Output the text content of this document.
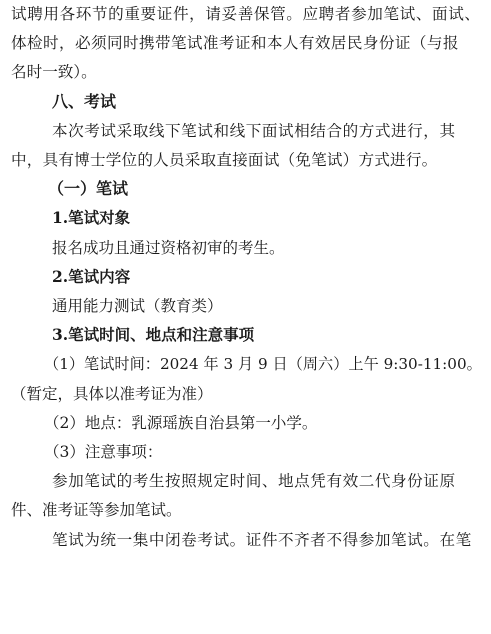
试聘用各环节的重要证件，请妥善保管。应聘者参加笔试、面试、
体检时，必须同时携带笔试准考证和本人有效居民身份证（与报
名时一致）。
八、考试
本次考试采取线下笔试和线下面试相结合的方式进行，其
中，具有博士学位的人员采取直接面试（免笔试）方式进行。
（一）笔试
1.笔试对象
报名成功且通过资格初审的考生。
2.笔试内容
通用能力测试（教育类）
3.笔试时间、地点和注意事项
（1）笔试时间：2024 年 3 月 9 日（周六）上午 9:30-11:00。
（暂定，具体以准考证为准）
（2）地点：乳源瑶族自治县第一小学。
（3）注意事项：
参加笔试的考生按照规定时间、地点凭有效二代身份证原
件、准考证等参加笔试。
笔试为统一集中闭卷考试。证件不齐者不得参加笔试。在笔
